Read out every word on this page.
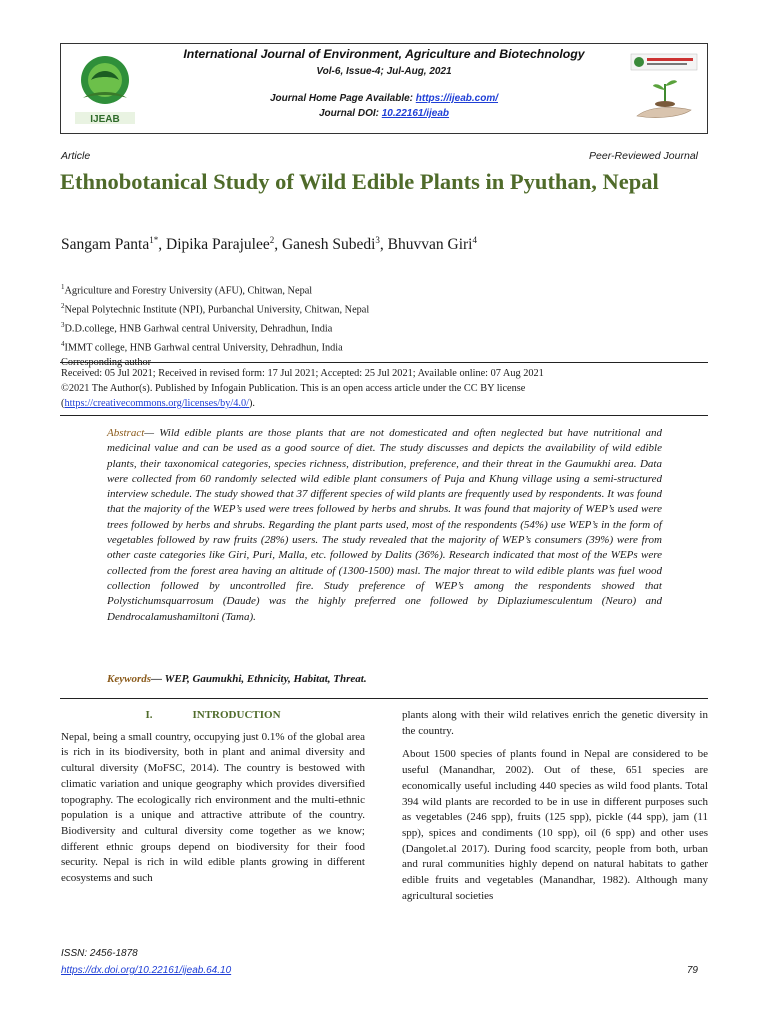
IJEAB
International Journal of Environment, Agriculture and Biotechnology
Vol-6, Issue-4; Jul-Aug, 2021
Journal Home Page Available: https://ijeab.com/
Journal DOI: 10.22161/ijeab
Article	Peer-Reviewed Journal
Ethnobotanical Study of Wild Edible Plants in Pyuthan, Nepal
Sangam Panta$^{1*}$, Dipika Parajulee$^2$, Ganesh Subedi$^3$, Bhuvvan Giri$^4$
$^1$Agriculture and Forestry University (AFU), Chitwan, Nepal
$^2$Nepal Polytechnic Institute (NPI), Purbanchal University, Chitwan, Nepal
$^3$D.D.college, HNB Garhwal central University, Dehradhun, India
$^4$IMMT college, HNB Garhwal central University, Dehradhun, India
Corresponding author
Received: 05 Jul 2021; Received in revised form: 17 Jul 2021; Accepted: 25 Jul 2021; Available online: 07 Aug 2021
©2021 The Author(s). Published by Infogain Publication. This is an open access article under the CC BY license
(https://creativecommons.org/licenses/by/4.0/).
Abstract— Wild edible plants are those plants that are not domesticated and often neglected but have nutritional and medicinal value and can be used as a good source of diet. The study discusses and depicts the availability of wild edible plants, their taxonomical categories, species richness, distribution, preference, and their threat in the Gaumukhi area. Data were collected from 60 randomly selected wild edible plant consumers of Puja and Khung village using a semi-structured interview schedule. The study showed that 37 different species of wild plants are frequently used by respondents. It was found that the majority of the WEP’s used were trees followed by herbs and shrubs. It was found that majority of WEP’s used were trees followed by herbs and shrubs. Regarding the plant parts used, most of the respondents (54%) use WEP’s in the form of vegetables followed by raw fruits (28%) users. The study revealed that the majority of WEP’s consumers (39%) were from other caste categories like Giri, Puri, Malla, etc. followed by Dalits (36%). Research indicated that most of the WEPs were collected from the forest area having an altitude of (1300-1500) masl. The major threat to wild edible plants was fuel wood collection followed by uncontrolled fire. Study preference of WEP’s among the respondents showed that Polystichumsquarrosum (Daude) was the highly preferred one followed by Diplaziumesculentum (Neuro) and Dendrocalamushamiltoni (Tama).
Keywords— WEP, Gaumukhi, Ethnicity, Habitat, Threat.
I.	INTRODUCTION

Nepal, being a small country, occupying just 0.1% of the global area is rich in its biodiversity, both in plant and animal diversity and cultural diversity (MoFSC, 2014). The country is bestowed with climatic variation and unique geography which provides diversified topography. The ecologically rich environment and the multi-ethnic population is a unique and attractive attribute of the country. Biodiversity and cultural diversity come together as we know; different ethnic groups depend on biodiversity for their food security. Nepal is rich in wild edible plants growing in different ecosystems and such

plants along with their wild relatives enrich the genetic diversity in the country.

About 1500 species of plants found in Nepal are considered to be useful (Manandhar, 2002). Out of these, 651 species are economically useful including 440 species as wild food plants. Total 394 wild plants are recorded to be in use in different purposes such as vegetables (246 spp), fruits (125 spp), pickle (44 spp), jam (11 spp), spices and condiments (10 spp), oil (6 spp) and other uses (Dangolet.al 2017). During food scarcity, people from both, urban and rural communities highly depend on natural habitats to gather edible fruits and vegetables (Manandhar, 1982). Although many agricultural societies

ISSN: 2456-1878
https://dx.doi.org/10.22161/ijeab.64.10	79
